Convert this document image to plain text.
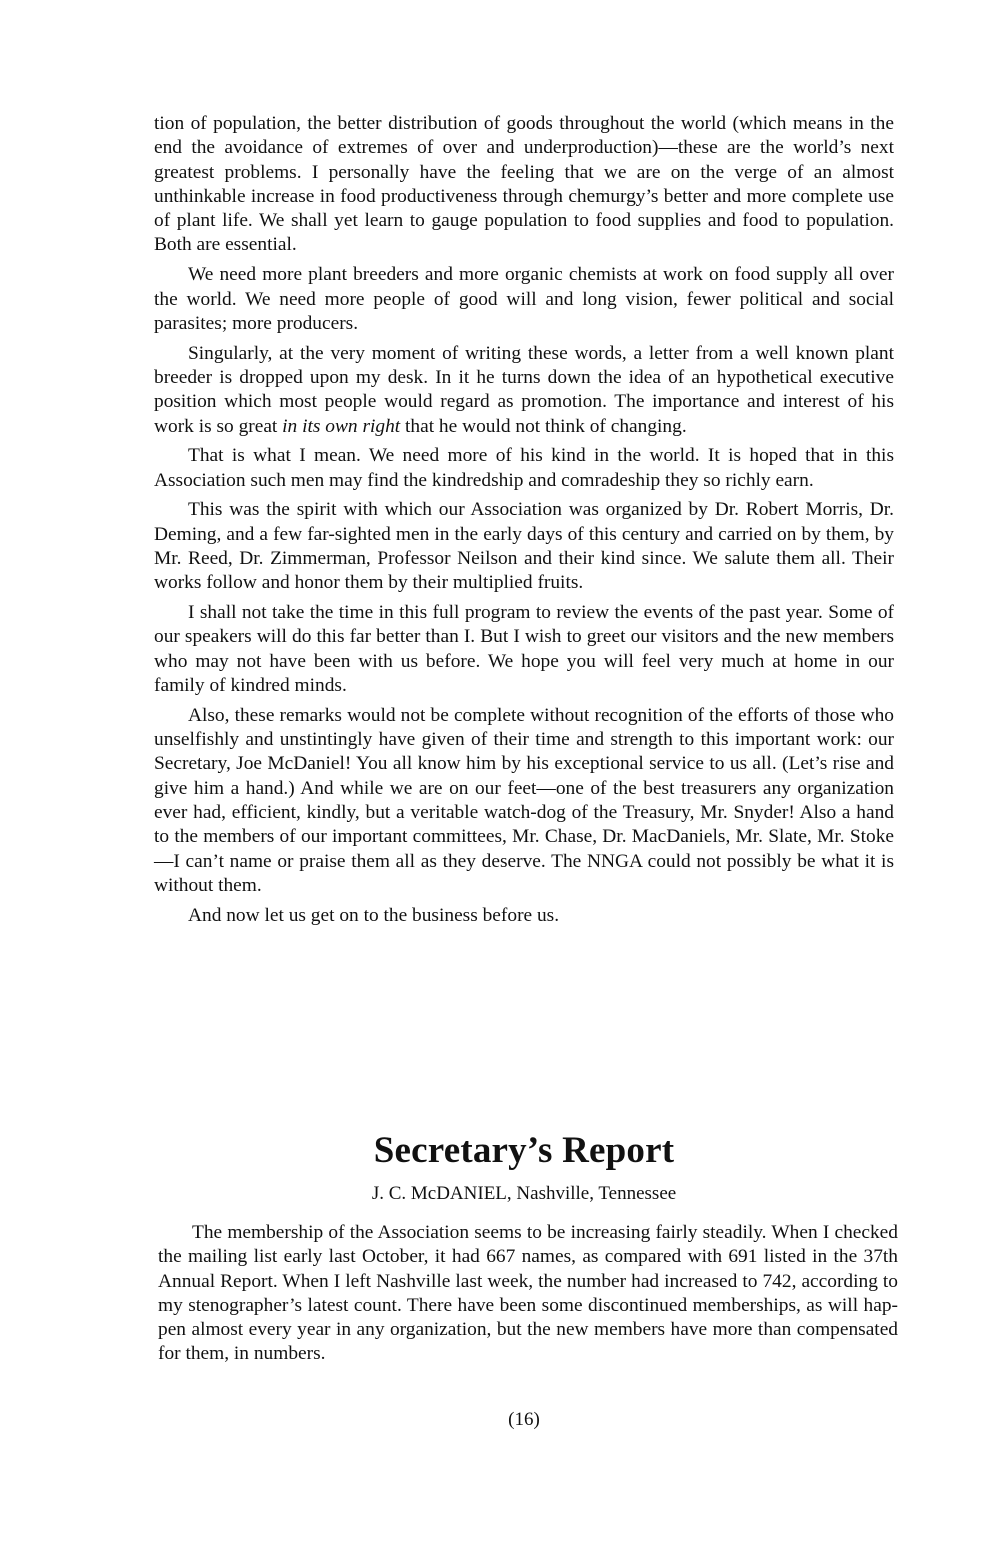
tion of population, the better distribution of goods throughout the world (which means in the end the avoidance of extremes of over and underproduction)—these are the world’s next greatest problems. I personally have the feeling that we are on the verge of an almost unthinkable increase in food productiveness through chemurgy’s better and more complete use of plant life. We shall yet learn to gauge population to food supplies and food to population. Both are essential.

We need more plant breeders and more organic chemists at work on food supply all over the world. We need more people of good will and long vision, fewer political and social parasites; more producers.

Singularly, at the very moment of writing these words, a letter from a well known plant breeder is dropped upon my desk. In it he turns down the idea of an hypothetical executive position which most people would regard as promotion. The importance and interest of his work is so great in its own right that he would not think of changing.

That is what I mean. We need more of his kind in the world. It is hoped that in this Association such men may find the kindredship and comradeship they so richly earn.

This was the spirit with which our Association was organized by Dr. Robert Morris, Dr. Deming, and a few far-sighted men in the early days of this century and carried on by them, by Mr. Reed, Dr. Zimmerman, Professor Neilson and their kind since. We salute them all. Their works follow and honor them by their multiplied fruits.

I shall not take the time in this full program to review the events of the past year. Some of our speakers will do this far better than I. But I wish to greet our visitors and the new members who may not have been with us before. We hope you will feel very much at home in our family of kindred minds.

Also, these remarks would not be complete without recognition of the efforts of those who unselfishly and unstintingly have given of their time and strength to this important work: our Secretary, Joe McDaniel! You all know him by his exceptional service to us all. (Let’s rise and give him a hand.) And while we are on our feet—one of the best treasurers any organization ever had, efficient, kindly, but a veritable watch-dog of the Treasury, Mr. Snyder! Also a hand to the members of our important committees, Mr. Chase, Dr. MacDaniels, Mr. Slate, Mr. Stoke—I can’t name or praise them all as they deserve. The NNGA could not possibly be what it is without them.

And now let us get on to the business before us.

Secretary’s Report

J. C. McDANIEL, Nashville, Tennessee

The membership of the Association seems to be increasing fairly steadily. When I checked the mailing list early last October, it had 667 names, as compared with 691 listed in the 37th Annual Report. When I left Nashville last week, the number had increased to 742, according to my stenographer’s latest count. There have been some discontinued memberships, as will happen almost every year in any organization, but the new members have more than compensated for them, in numbers.

(16)
